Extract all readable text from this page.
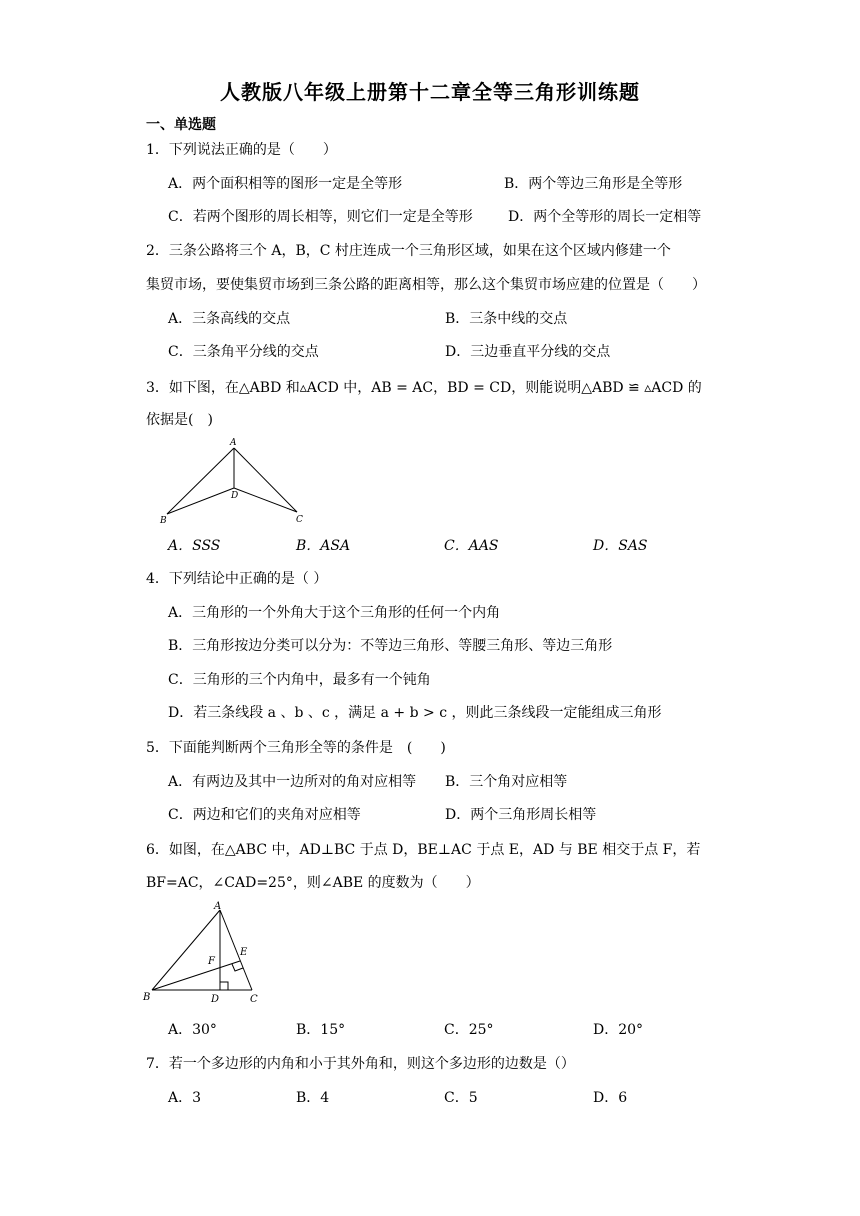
人教版八年级上册第十二章全等三角形训练题
一、单选题
1．下列说法正确的是（　　）
A．两个面积相等的图形一定是全等形	B．两个等边三角形是全等形
C．若两个图形的周长相等，则它们一定是全等形	D．两个全等形的周长一定相等
2．三条公路将三个 A，B，C 村庄连成一个三角形区域，如果在这个区域内修建一个
集贸市场，要使集贸市场到三条公路的距离相等，那么这个集贸市场应建的位置是（　　）
A．三条高线的交点	B．三条中线的交点
C．三条角平分线的交点	D．三边垂直平分线的交点
3．如下图，在△ABD 和▵ACD 中，AB = AC，BD = CD，则能说明△ABD ≌ ▵ACD 的
依据是(　)
A
D
B	C
A．SSS	B．ASA	C．AAS	D．SAS
4．下列结论中正确的是（ ）
A．三角形的一个外角大于这个三角形的任何一个内角
B．三角形按边分类可以分为：不等边三角形、等腰三角形、等边三角形
C．三角形的三个内角中，最多有一个钝角
D．若三条线段 a 、b 、c ，满足 a + b > c ，则此三条线段一定能组成三角形
5．下面能判断两个三角形全等的条件是　(　　)
A．有两边及其中一边所对的角对应相等 B．三个角对应相等
C．两边和它们的夹角对应相等	D．两个三角形周长相等
6．如图，在△ABC 中，AD⊥BC 于点 D，BE⊥AC 于点 E，AD 与 BE 相交于点 F，若
BF=AC，∠CAD=25°，则∠ABE 的度数为（　　）
A
E
F
B	D	C
A．30°	B．15°	C．25°	D．20°
7．若一个多边形的内角和小于其外角和，则这个多边形的边数是（）
A．3	B．4	C．5	D．6
